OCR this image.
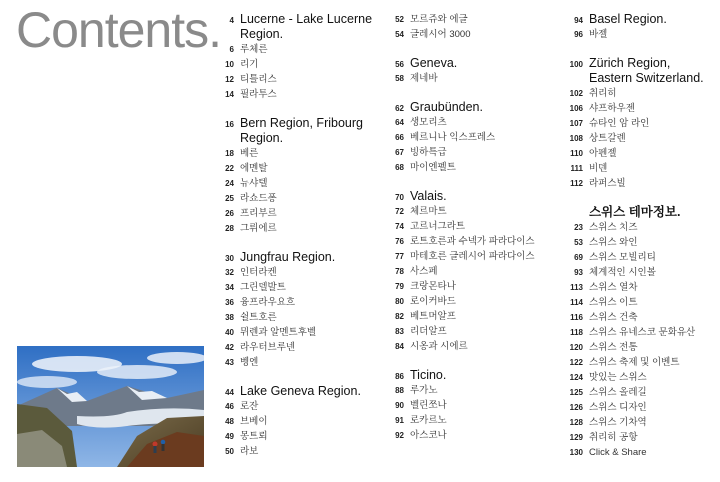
Contents.	4 Lucerne - Lake Lucerne Region.
6 루체른
10 리기
12 티틀리스
14 필라투스
16 Bern Region, Fribourg Region.
18 베른
22 에멘탈
24 뉴샤텔
25 라쇼드퐁
26 프리부르
28 그뤼에르
30 Jungfrau Region.
32 인터라켄
34 그린델발트
36 융프라우요흐
38 쉴트호른
40 뮈렌과 알멘트후벨
42 라우터브루넨
43 벵엔
44 Lake Geneva Region.
46 로잔
48 브베이
49 몽트뢰
50 라보
52 모르쥬와 에글
54 글레시어 3000
56 Geneva.
58 제네바
62 Graubünden.
64 생모리츠
66 베르니나 익스프레스
67 빙하특급
68 마이엔펠트
70 Valais.
72 체르마트
74 고르너그라트
76 로트호른과 수넥가 파라다이스
77 마테호른 글레시어 파라다이스
78 사스페
79 크랑몬타나
80 로이커바드
82 베트머알프
83 리더알프
84 시옹과 시에르
86 Ticino.
88 루가노
90 벨린쪼나
91 로카르노
92 아스코나
94 Basel Region.
96 바젤
100 Zürich Region, Eastern Switzerland.
102 취리히
106 샤프하우젠
107 슈타인 암 라인
108 상트갈렌
110 아펜젤
111 비덴
112 라퍼스빌
스위스 테마정보.
23 스위스 치즈
53 스위스 와인
69 스위스 모빌리티
93 체계적인 시인볼
113 스위스 열차
114 스위스 이트
116 스위스 건축
118 스위스 유네스코 문화유산
120 스위스 전통
122 스위스 축제 및 이벤트
124 맛있는 스위스
125 스위스 올레길
126 스위스 디자인
128 스위스 기차역
129 취리히 공항
130 Click & Share
